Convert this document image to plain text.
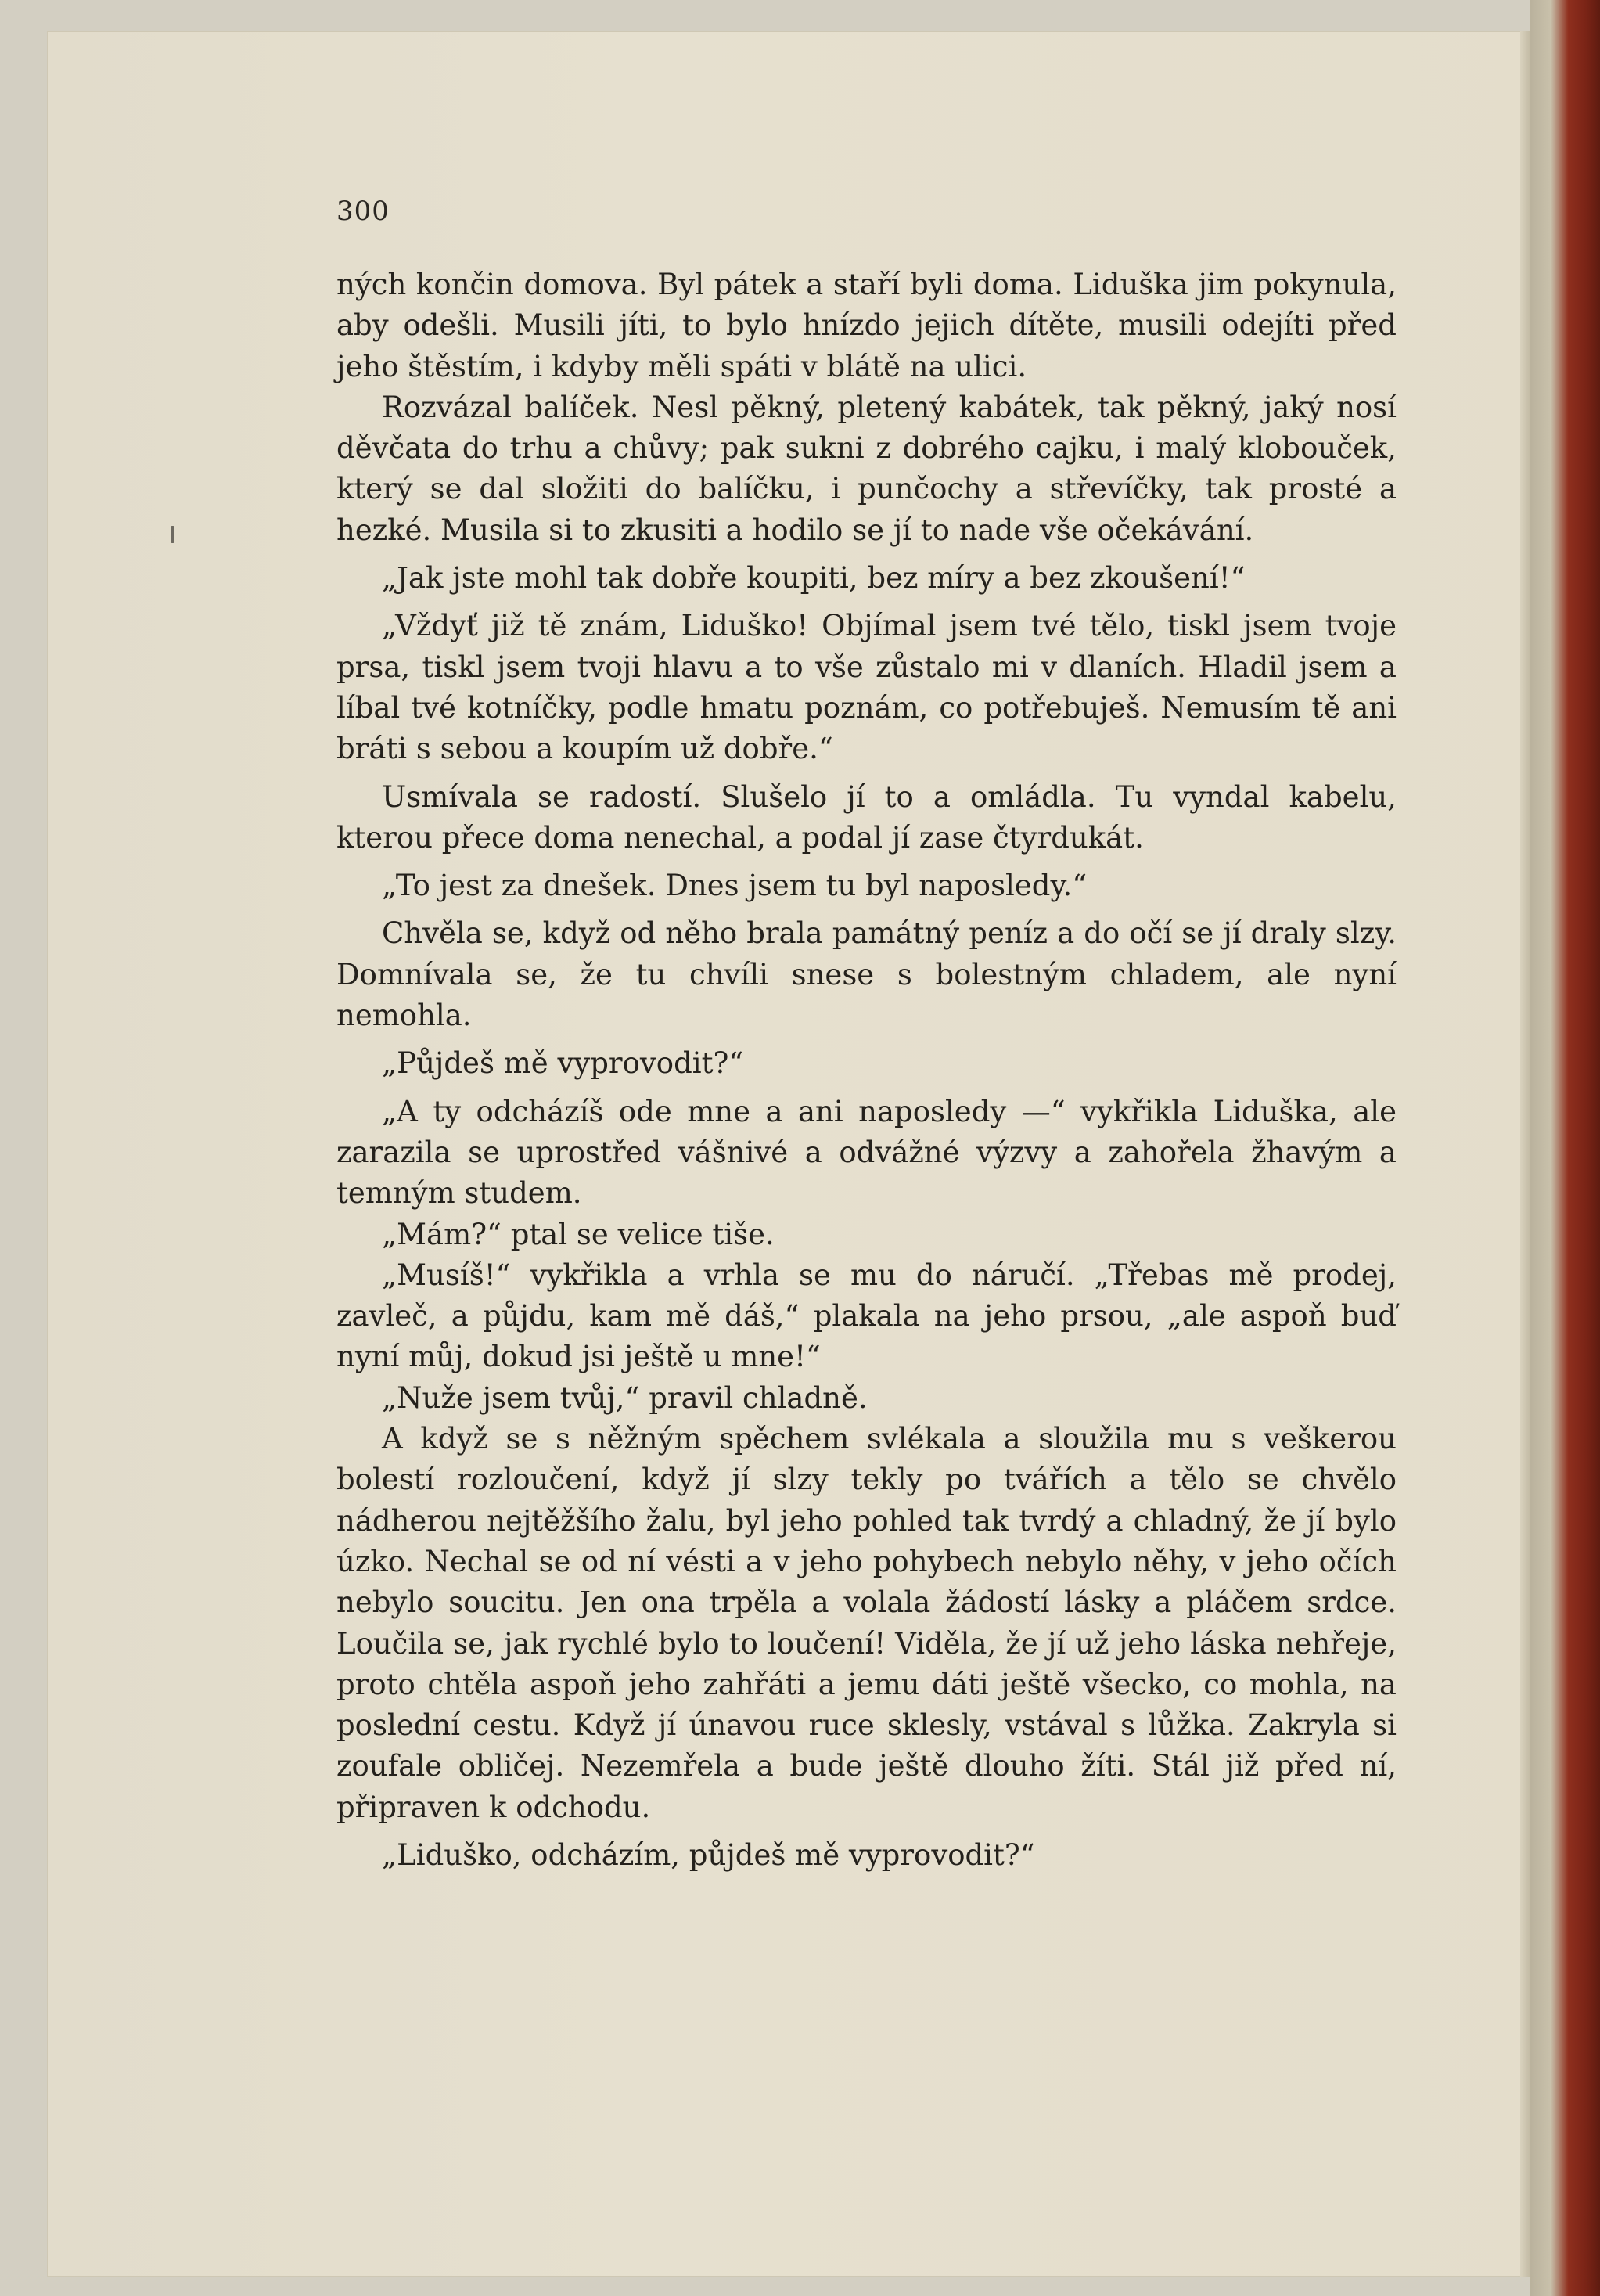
300

ných končin domova. Byl pátek a staří byli doma. Liduška jim pokynula, aby odešli. Musili jíti, to bylo hnízdo jejich dítěte, musili odejíti před jeho štěstím, i kdyby měli spáti v blátě na ulici.

Rozvázal balíček. Nesl pěkný, pletený kabátek, tak pěkný, jaký nosí děvčata do trhu a chůvy; pak sukni z dobrého cajku, i malý klobouček, který se dal složiti do balíčku, i punčochy a střevíčky, tak prosté a hezké. Musila si to zkusiti a hodilo se jí to nade vše očekávání.

„Jak jste mohl tak dobře koupiti, bez míry a bez zkoušení!“

„Vždyť již tě znám, Liduško! Objímal jsem tvé tělo, tiskl jsem tvoje prsa, tiskl jsem tvoji hlavu a to vše zůstalo mi v dlaních. Hladil jsem a líbal tvé kotníčky, podle hmatu poznám, co potřebuješ. Nemusím tě ani bráti s sebou a koupím už dobře.“

Usmívala se radostí. Slušelo jí to a omládla. Tu vyndal kabelu, kterou přece doma nenechal, a podal jí zase čtyrdukát.

„To jest za dnešek. Dnes jsem tu byl naposledy.“

Chvěla se, když od něho brala památný peníz a do očí se jí draly slzy. Domnívala se, že tu chvíli snese s bolestným chladem, ale nyní nemohla.

„Půjdeš mě vyprovodit?“

„A ty odcházíš ode mne a ani naposledy —“ vykřikla Liduška, ale zarazila se uprostřed vášnivé a odvážné výzvy a zahořela žhavým a temným studem.

„Mám?“ ptal se velice tiše.

„Musíš!“ vykřikla a vrhla se mu do náručí. „Třebas mě prodej, zavleč, a půjdu, kam mě dáš,“ plakala na jeho prsou, „ale aspoň buď nyní můj, dokud jsi ještě u mne!“

„Nuže jsem tvůj,“ pravil chladně.

A když se s něžným spěchem svlékala a sloužila mu s veškerou bolestí rozloučení, když jí slzy tekly po tvářích a tělo se chvělo nádherou nejtěžšího žalu, byl jeho pohled tak tvrdý a chladný, že jí bylo úzko. Nechal se od ní vésti a v jeho pohybech nebylo něhy, v jeho očích nebylo soucitu. Jen ona trpěla a volala žádostí lásky a pláčem srdce. Loučila se, jak rychlé bylo to loučení! Viděla, že jí už jeho láska nehřeje, proto chtěla aspoň jeho zahřáti a jemu dáti ještě všecko, co mohla, na poslední cestu. Když jí únavou ruce sklesly, vstával s lůžka. Zakryla si zoufale obličej. Nezemřela a bude ještě dlouho žíti. Stál již před ní, připraven k odchodu.

„Liduško, odcházím, půjdeš mě vyprovodit?“
